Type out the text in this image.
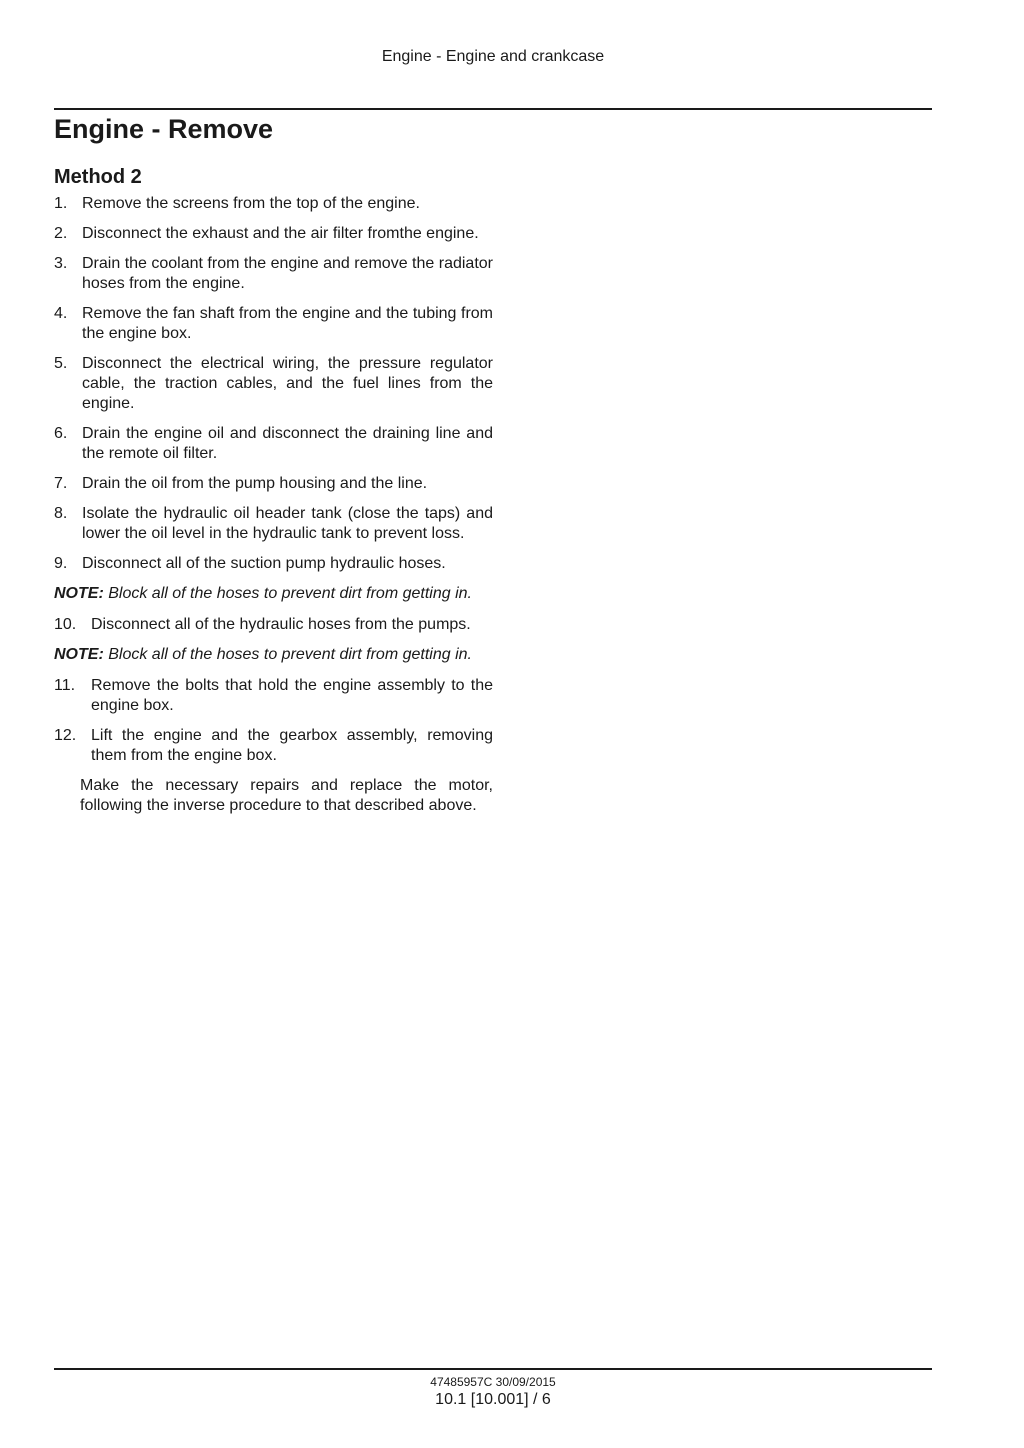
Engine - Engine and crankcase
Engine - Remove
Method 2
1. Remove the screens from the top of the engine.
2. Disconnect the exhaust and the air filter fromthe engine.
3. Drain the coolant from the engine and remove the radiator hoses from the engine.
4. Remove the fan shaft from the engine and the tubing from the engine box.
5. Disconnect the electrical wiring, the pressure regulator cable, the traction cables, and the fuel lines from the engine.
6. Drain the engine oil and disconnect the draining line and the remote oil filter.
7. Drain the oil from the pump housing and the line.
8. Isolate the hydraulic oil header tank (close the taps) and lower the oil level in the hydraulic tank to prevent loss.
9. Disconnect all of the suction pump hydraulic hoses.
NOTE: Block all of the hoses to prevent dirt from getting in.
10. Disconnect all of the hydraulic hoses from the pumps.
NOTE: Block all of the hoses to prevent dirt from getting in.
11. Remove the bolts that hold the engine assembly to the engine box.
12. Lift the engine and the gearbox assembly, removing them from the engine box.
Make the necessary repairs and replace the motor, following the inverse procedure to that described above.
47485957C 30/09/2015
10.1 [10.001] / 6
